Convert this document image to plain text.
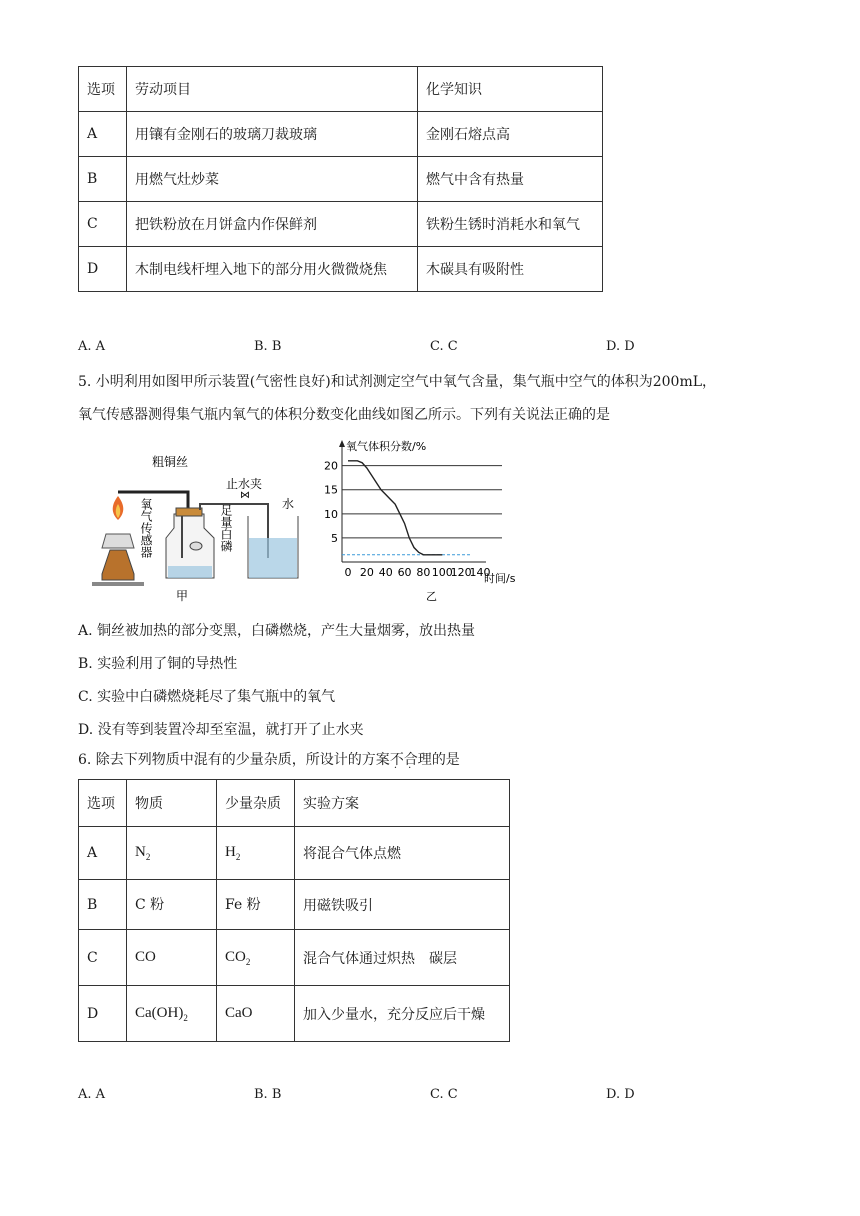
选项	劳动项目	化学知识
A	用镶有金刚石的玻璃刀裁玻璃	金刚石熔点高
B	用燃气灶炒菜	燃气中含有热量
C	把铁粉放在月饼盒内作保鲜剂	铁粉生锈时消耗水和氧气
D	木制电线杆埋入地下的部分用火微微烧焦	木碳具有吸附性
A. A	B. B	C. C	D. D
5. 小明利用如图甲所示装置(气密性良好)和试剂测定空气中氧气含量，集气瓶中空气的体积为200mL，
氧气传感器测得集气瓶内氧气的体积分数变化曲线如图乙所示。下列有关说法正确的是
⋈
粗铜丝
止水夹
氧气传感器	足量白磷	水
甲
氧气体积分数/%
时间/s
乙
5
10
15
20
0 20 40 60 80 100
120
140
A. 铜丝被加热的部分变黑，白磷燃烧，产生大量烟雾，放出热量
B. 实验利用了铜的导热性
C. 实验中白磷燃烧耗尽了集气瓶中的氧气
D. 没有等到装置冷却至室温，就打开了止水夹
6. 除去下列物质中混有的少量杂质，所设计的方案不合理 · ·的是
选项	物质	少量杂质	实验方案
A	$N_2$	$H_2$	将混合气体点燃
B	C 粉	Fe 粉	用磁铁吸引
C	CO	$CO_2$	混合气体通过炽热　碳层
D	$Ca(OH)_2$	CaO	加入少量水，充分反应后干燥
A. A	B. B	C. C	D. D
